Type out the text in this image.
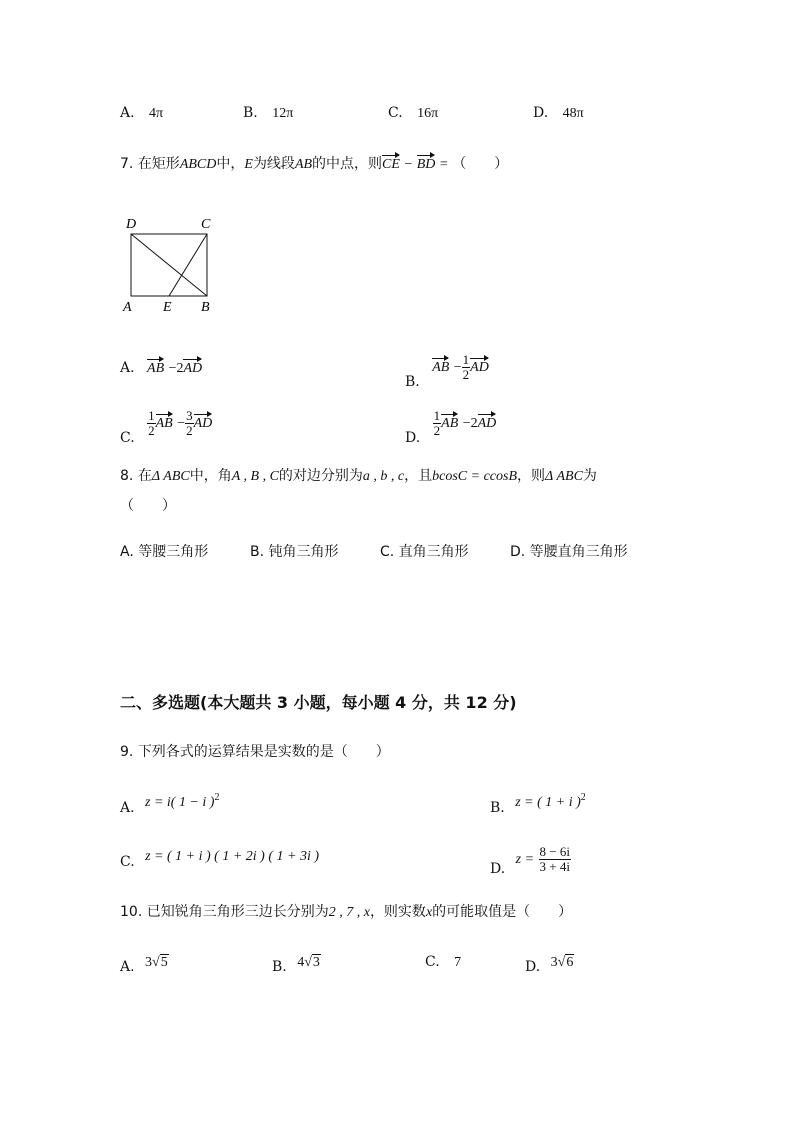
A. 4π	B. 12π	C. 16π	D. 48π
7. 在矩形ABCD中，E为线段AB的中点，则CE − BD = （　　）
D	C
A E B
A. AB −2AD
B. AB − $\frac{1}{2}$ AD
C.
$\frac{1}{2}$ AB − $\frac{3}{2}$ AD
D.
$\frac{1}{2}$ AB −2AD
8. 在Δ ABC中，角A , B , C的对边分别为a , b , c，且bcosC = ccosB，则Δ ABC为
（　　）
A. 等腰三角形	B. 钝角三角形	C. 直角三角形	D. 等腰直角三角形
二、多选题(本大题共 3 小题，每小题 4 分，共 12 分)
9. 下列各式的运算结果是实数的是（　　）
A. z = i( 1 − i )$^2$
B. z = ( 1 + i )$^2$
C. z = ( 1 + i ) ( 1 + 2i ) ( 1 + 3i )
D. $z = \frac{8 - 6i}{3 + 4i}$
10. 已知锐角三角形三边长分别为2 , 7 , x，则实数x的可能取值是（　　）
A. 3√5	B. 4√3	C. 7	D. 3√6
